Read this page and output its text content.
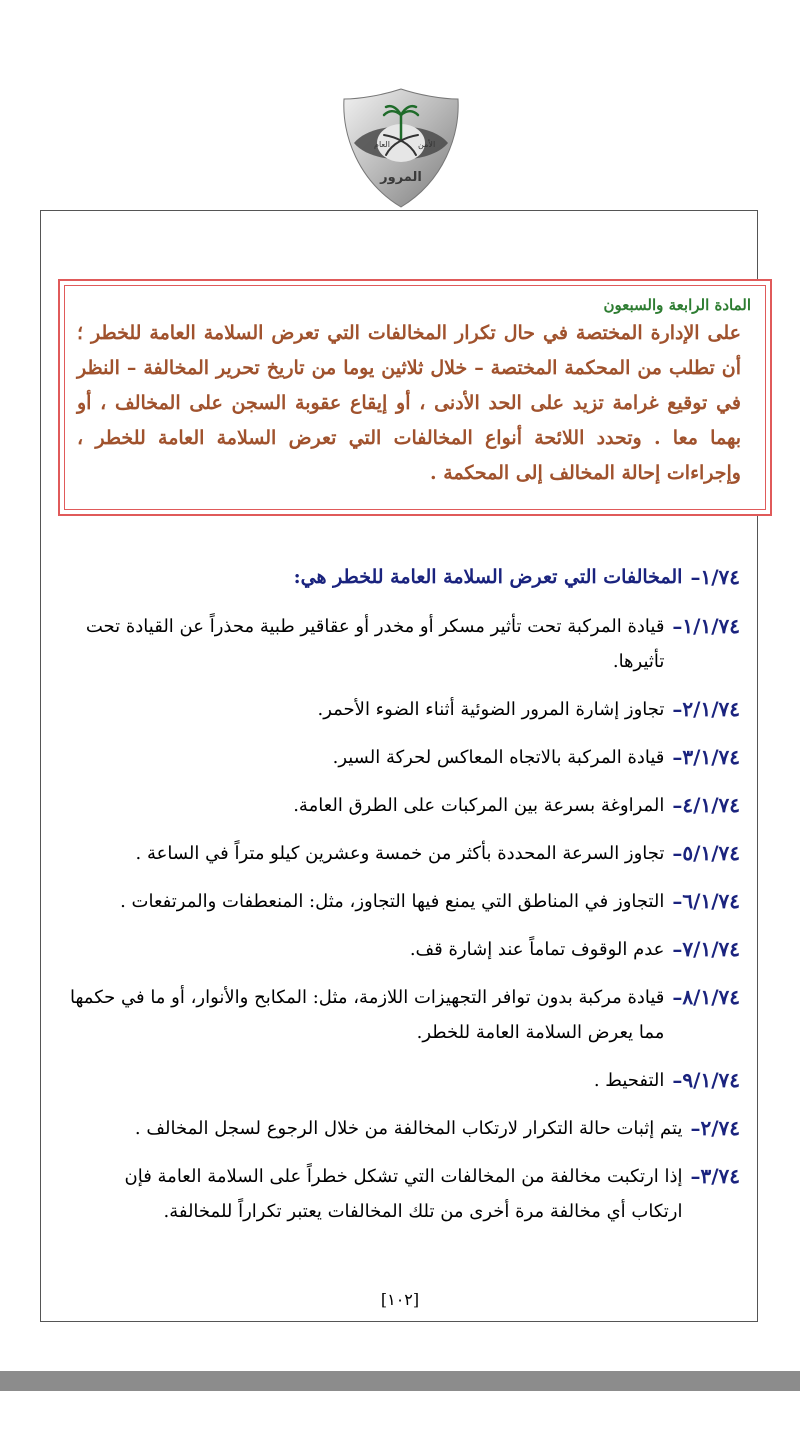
العام	الأمن
المرور
المادة الرابعة والسبعون
على الإدارة المختصة في حال تكرار المخالفات التي تعرض السلامة العامة للخطر ؛ أن تطلب من المحكمة المختصة – خلال ثلاثين يوما من تاريخ تحرير المخالفة – النظر في توقيع غرامة تزيد على الحد الأدنى ، أو إيقاع عقوبة السجن على المخالف ، أو بهما معا . وتحدد اللائحة أنواع المخالفات التي تعرض السلامة العامة للخطر ، وإجراءات إحالة المخالف إلى المحكمة .
١/٧٤–
المخالفات التي تعرض السلامة العامة للخطر هي:
١/١/٧٤–
قيادة المركبة تحت تأثير مسكر أو مخدر أو عقاقير طبية محذراً عن القيادة تحت تأثيرها.
٢/١/٧٤–
تجاوز إشارة المرور الضوئية أثناء الضوء الأحمر.
٣/١/٧٤–
قيادة المركبة بالاتجاه المعاكس لحركة السير.
٤/١/٧٤–
المراوغة بسرعة بين المركبات على الطرق العامة.
٥/١/٧٤–
تجاوز السرعة المحددة بأكثر من خمسة وعشرين كيلو متراً في الساعة .
٦/١/٧٤–
التجاوز في المناطق التي يمنع فيها التجاوز، مثل: المنعطفات والمرتفعات .
٧/١/٧٤–
عدم الوقوف تماماً عند إشارة قف.
٨/١/٧٤–
قيادة مركبة بدون توافر التجهيزات اللازمة، مثل: المكابح والأنوار، أو ما في حكمها مما يعرض السلامة العامة للخطر.
٩/١/٧٤–
التفحيط .
٢/٧٤–
يتم إثبات حالة التكرار لارتكاب المخالفة من خلال الرجوع لسجل المخالف .
٣/٧٤–
إذا ارتكبت مخالفة من المخالفات التي تشكل خطراً على السلامة العامة فإن ارتكاب أي مخالفة مرة أخرى من تلك المخالفات يعتبر تكراراً للمخالفة.
[١٠٢]
